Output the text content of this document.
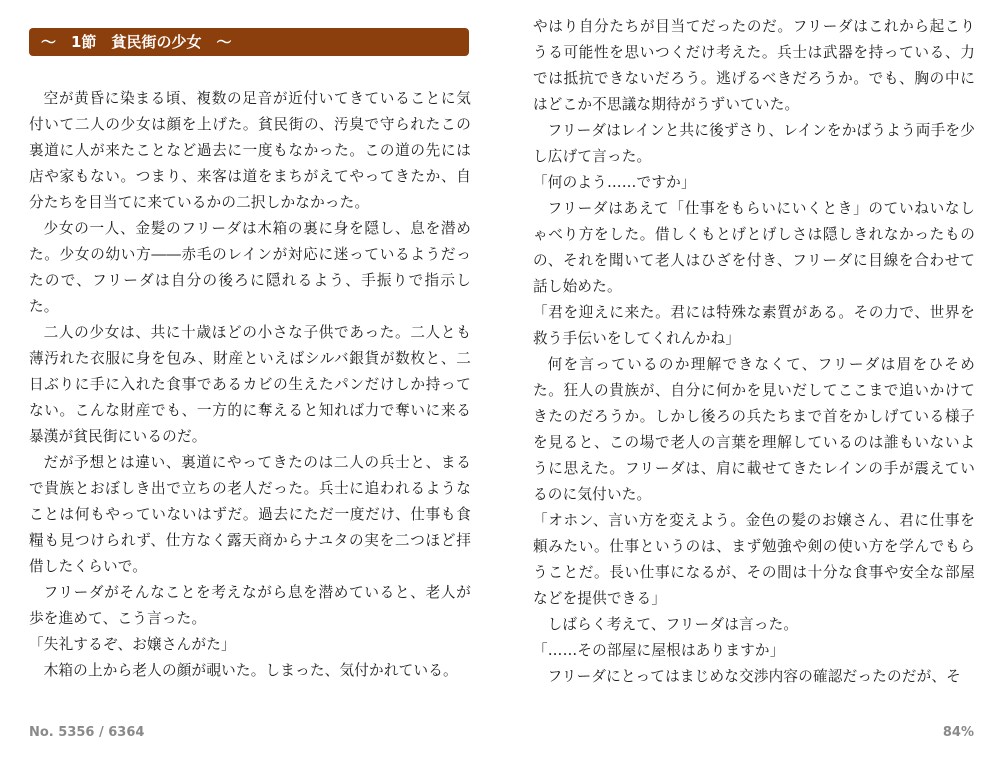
〜　1節　貧民街の少女　〜

空が黄昏に染まる頃、複数の足音が近付いてきていることに気付いて二人の少女は顔を上げた。貧民街の、汚臭で守られたこの裏道に人が来たことなど過去に一度もなかった。この道の先には店や家もない。つまり、来客は道をまちがえてやってきたか、自分たちを目当てに来ているかの二択しかなかった。

少女の一人、金髪のフリーダは木箱の裏に身を隠し、息を潜めた。少女の幼い方――赤毛のレインが対応に迷っているようだったので、フリーダは自分の後ろに隠れるよう、手振りで指示した。

二人の少女は、共に十歳ほどの小さな子供であった。二人とも薄汚れた衣服に身を包み、財産といえばシルバ銀貨が数枚と、二日ぶりに手に入れた食事であるカビの生えたパンだけしか持ってない。こんな財産でも、一方的に奪えると知れば力で奪いに来る暴漢が貧民街にいるのだ。

だが予想とは違い、裏道にやってきたのは二人の兵士と、まるで貴族とおぼしき出で立ちの老人だった。兵士に追われるようなことは何もやっていないはずだ。過去にただ一度だけ、仕事も食糧も見つけられず、仕方なく露天商からナユタの実を二つほど拝借したくらいで。

フリーダがそんなことを考えながら息を潜めていると、老人が歩を進めて、こう言った。

「失礼するぞ、お嬢さんがた」

木箱の上から老人の顔が覗いた。しまった、気付かれている。

やはり自分たちが目当てだったのだ。フリーダはこれから起こりうる可能性を思いつくだけ考えた。兵士は武器を持っている、力では抵抗できないだろう。逃げるべきだろうか。でも、胸の中にはどこか不思議な期待がうずいていた。

フリーダはレインと共に後ずさり、レインをかばうよう両手を少し広げて言った。

「何のよう……ですか」

フリーダはあえて「仕事をもらいにいくとき」のていねいなしゃべり方をした。借しくもとげとげしさは隠しきれなかったものの、それを聞いて老人はひざを付き、フリーダに目線を合わせて話し始めた。

「君を迎えに来た。君には特殊な素質がある。その力で、世界を救う手伝いをしてくれんかね」

何を言っているのか理解できなくて、フリーダは眉をひそめた。狂人の貴族が、自分に何かを見いだしてここまで追いかけてきたのだろうか。しかし後ろの兵たちまで首をかしげている様子を見ると、この場で老人の言葉を理解しているのは誰もいないように思えた。フリーダは、肩に載せてきたレインの手が震えているのに気付いた。

「オホン、言い方を変えよう。金色の髪のお嬢さん、君に仕事を頼みたい。仕事というのは、まず勉強や剣の使い方を学んでもらうことだ。長い仕事になるが、その間は十分な食事や安全な部屋などを提供できる」

しばらく考えて、フリーダは言った。

「……その部屋に屋根はありますか」

フリーダにとってはまじめな交渉内容の確認だったのだが、そ

No. 5356 / 6364	84%
